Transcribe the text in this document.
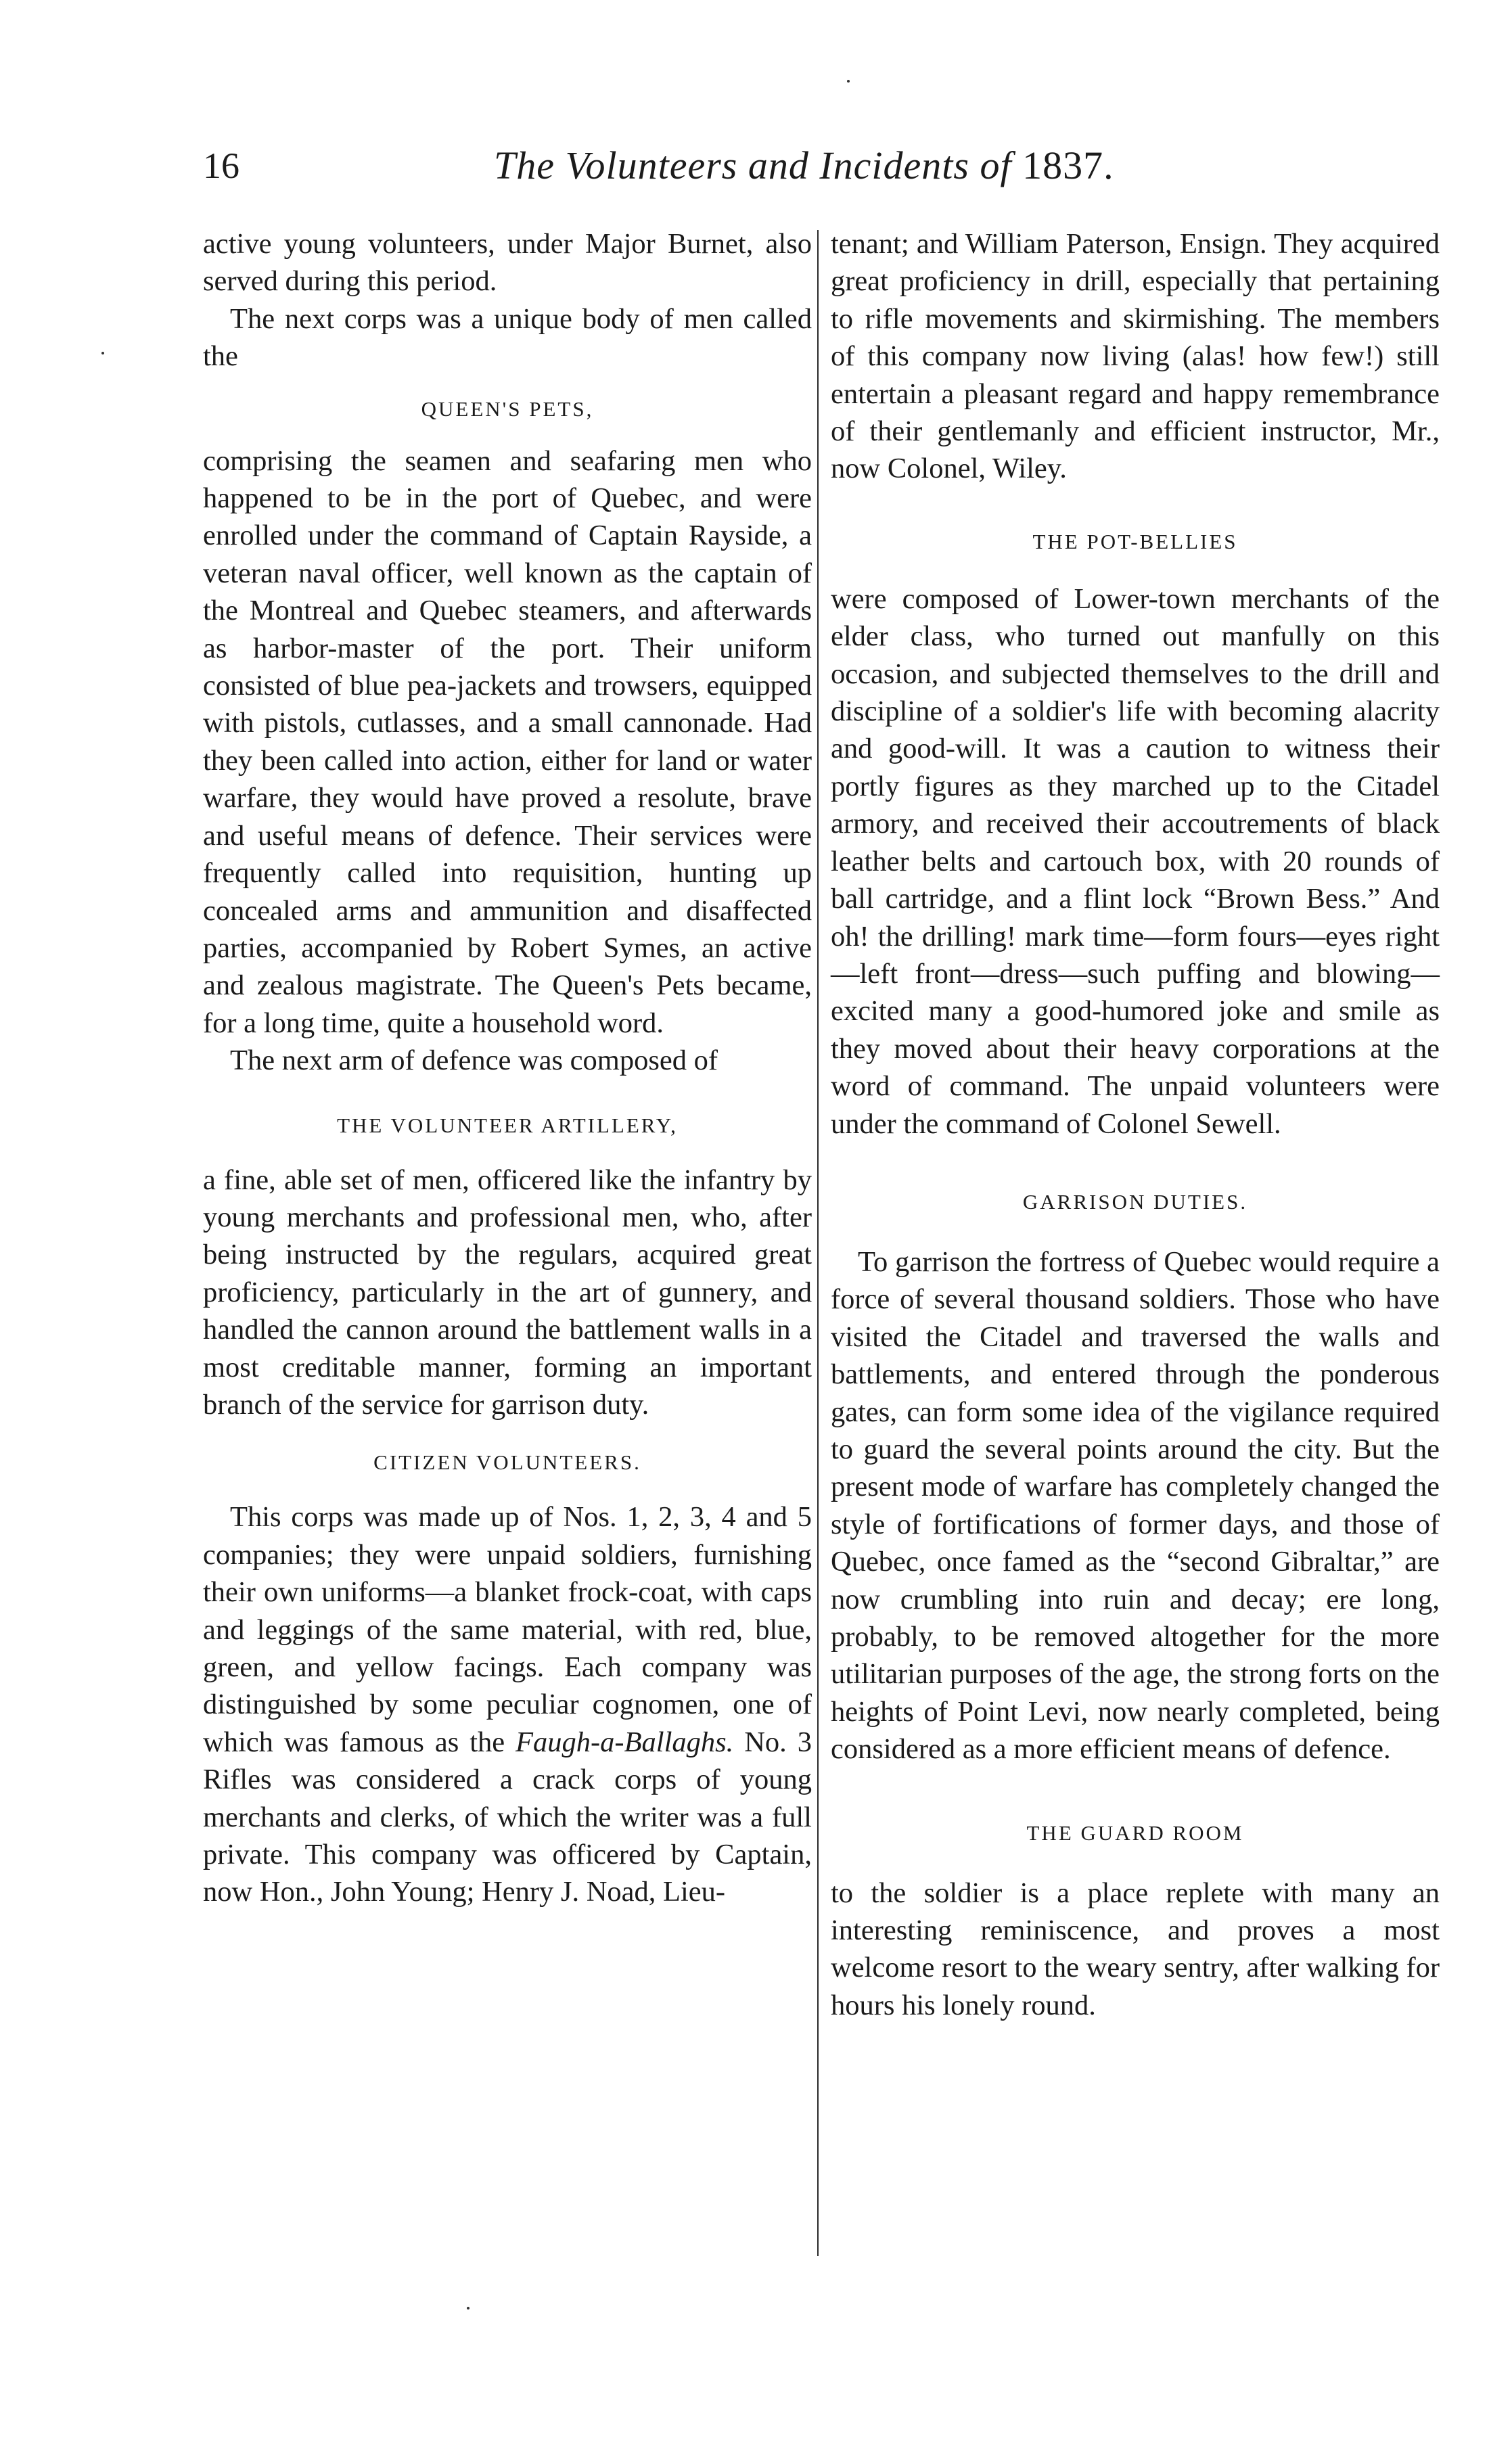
16	The Volunteers and Incidents of 1837.

active young volunteers, under Major Burnet, also served during this period.

The next corps was a unique body of men called the

QUEEN'S PETS,

comprising the seamen and seafaring men who happened to be in the port of Quebec, and were enrolled under the command of Captain Rayside, a veteran naval officer, well known as the captain of the Montreal and Quebec steamers, and afterwards as harbor-master of the port. Their uniform consisted of blue pea-jackets and trowsers, equipped with pistols, cutlasses, and a small cannonade. Had they been called into action, either for land or water warfare, they would have proved a resolute, brave and useful means of defence. Their services were frequently called into requisition, hunting up concealed arms and ammunition and disaffected parties, accompanied by Robert Symes, an active and zealous magistrate. The Queen's Pets became, for a long time, quite a household word.

The next arm of defence was composed of

THE VOLUNTEER ARTILLERY,

a fine, able set of men, officered like the infantry by young merchants and professional men, who, after being instructed by the regulars, acquired great proficiency, particularly in the art of gunnery, and handled the cannon around the battlement walls in a most creditable manner, forming an important branch of the service for garrison duty.

CITIZEN VOLUNTEERS.

This corps was made up of Nos. 1, 2, 3, 4 and 5 companies; they were unpaid soldiers, furnishing their own uniforms—a blanket frock-coat, with caps and leggings of the same material, with red, blue, green, and yellow facings. Each company was distinguished by some peculiar cognomen, one of which was famous as the Faugh-a-Ballaghs. No. 3 Rifles was considered a crack corps of young merchants and clerks, of which the writer was a full private. This company was officered by Captain, now Hon., John Young; Henry J. Noad, Lieu-

tenant; and William Paterson, Ensign. They acquired great proficiency in drill, especially that pertaining to rifle movements and skirmishing. The members of this company now living (alas! how few!) still entertain a pleasant regard and happy remembrance of their gentlemanly and efficient instructor, Mr., now Colonel, Wiley.

THE POT-BELLIES

were composed of Lower-town merchants of the elder class, who turned out manfully on this occasion, and subjected themselves to the drill and discipline of a soldier's life with becoming alacrity and good-will. It was a caution to witness their portly figures as they marched up to the Citadel armory, and received their accoutrements of black leather belts and cartouch box, with 20 rounds of ball cartridge, and a flint lock “Brown Bess.” And oh! the drilling! mark time—form fours—eyes right—left front—dress—such puffing and blowing—excited many a good-humored joke and smile as they moved about their heavy corporations at the word of command. The unpaid volunteers were under the command of Colonel Sewell.

GARRISON DUTIES.

To garrison the fortress of Quebec would require a force of several thousand soldiers. Those who have visited the Citadel and traversed the walls and battlements, and entered through the ponderous gates, can form some idea of the vigilance required to guard the several points around the city. But the present mode of warfare has completely changed the style of fortifications of former days, and those of Quebec, once famed as the “second Gibraltar,” are now crumbling into ruin and decay; ere long, probably, to be removed altogether for the more utilitarian purposes of the age, the strong forts on the heights of Point Levi, now nearly completed, being considered as a more efficient means of defence.

THE GUARD ROOM

to the soldier is a place replete with many an interesting reminiscence, and proves a most welcome resort to the weary sentry, after walking for hours his lonely round.
